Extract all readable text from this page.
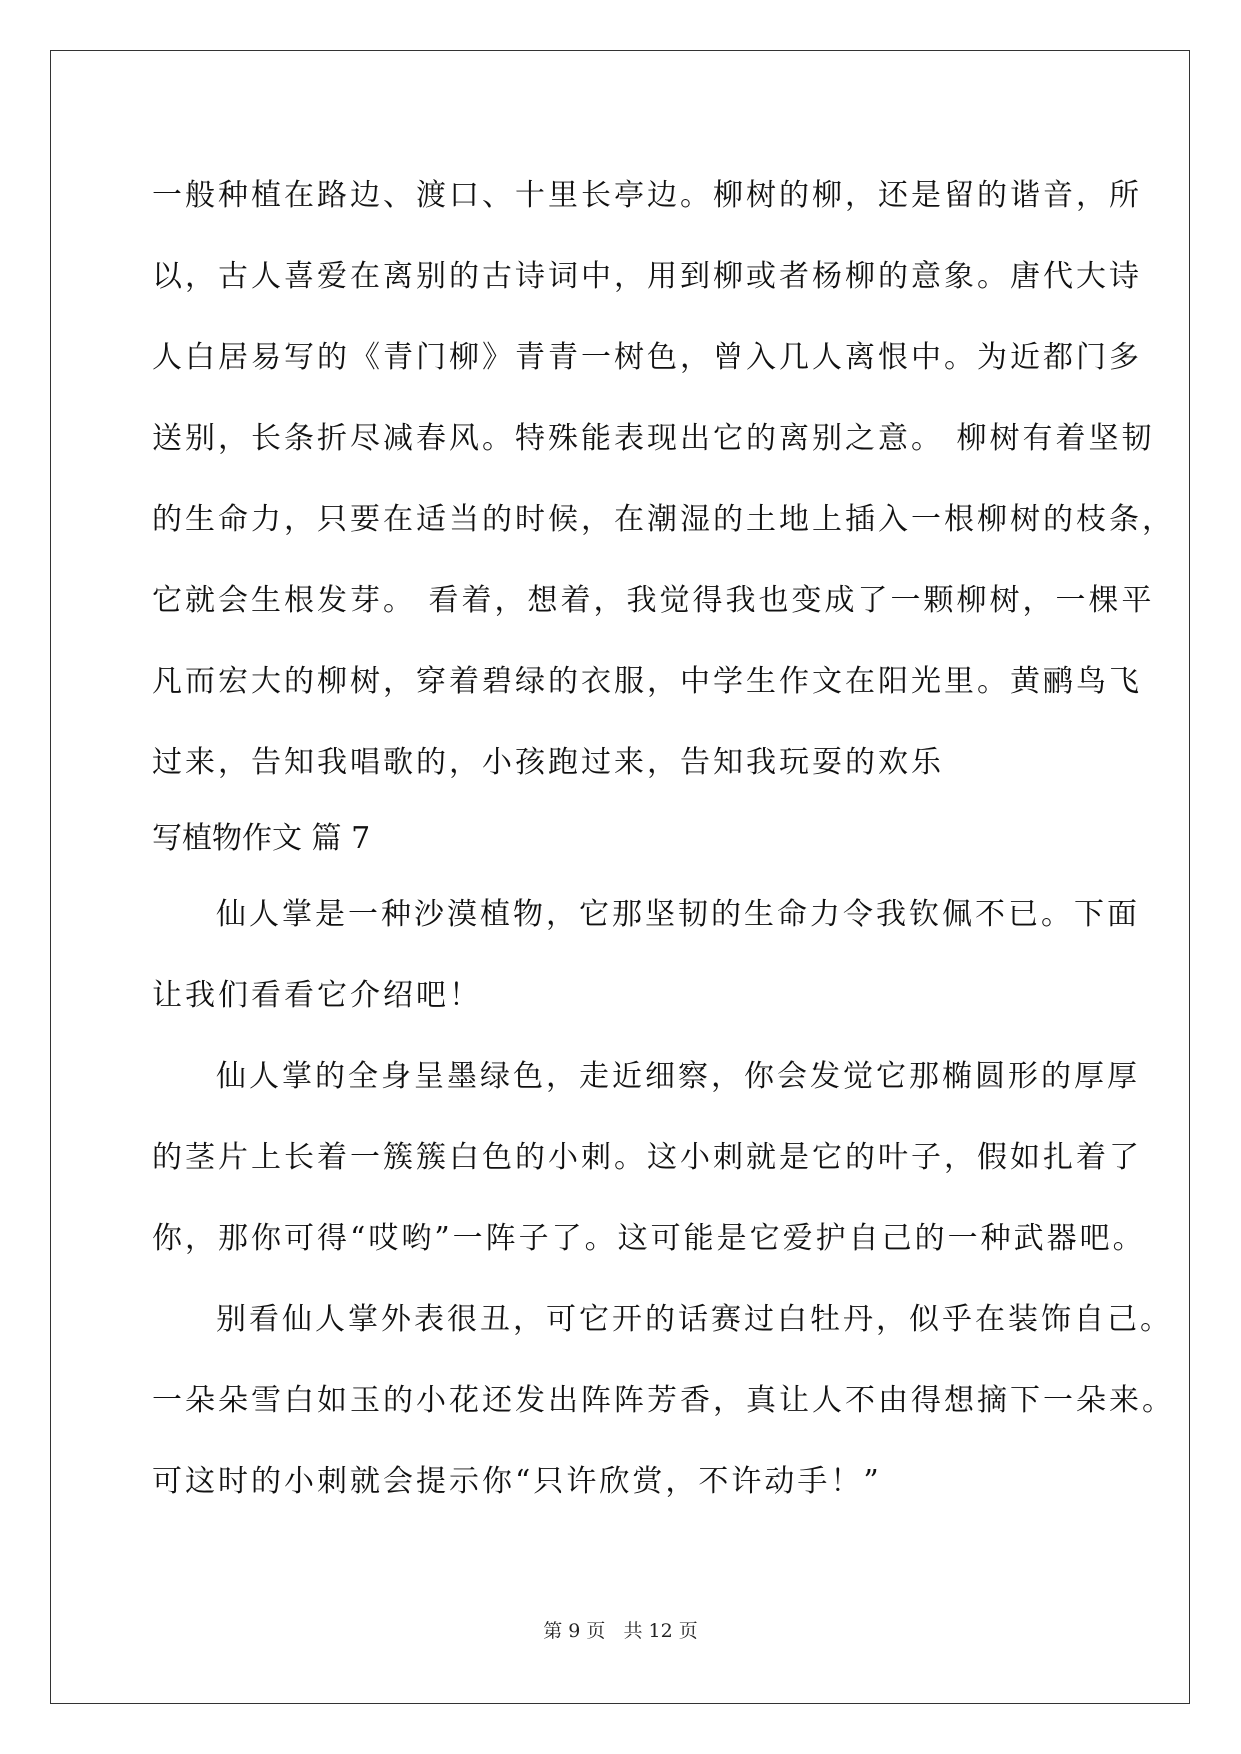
一般种植在路边、渡口、十里长亭边。柳树的柳，还是留的谐音，所
以，古人喜爱在离别的古诗词中，用到柳或者杨柳的意象。唐代大诗
人白居易写的《青门柳》青青一树色，曾入几人离恨中。为近都门多
送别，长条折尽减春风。特殊能表现出它的离别之意。 柳树有着坚韧
的生命力，只要在适当的时候，在潮湿的土地上插入一根柳树的枝条，
它就会生根发芽。 看着，想着，我觉得我也变成了一颗柳树，一棵平
凡而宏大的柳树，穿着碧绿的衣服，中学生作文在阳光里。黄鹂鸟飞
过来，告知我唱歌的，小孩跑过来，告知我玩耍的欢乐
写植物作文 篇 7
仙人掌是一种沙漠植物，它那坚韧的生命力令我钦佩不已。下面
让我们看看它介绍吧！
仙人掌的全身呈墨绿色，走近细察，你会发觉它那椭圆形的厚厚
的茎片上长着一簇簇白色的小刺。这小刺就是它的叶子，假如扎着了
你，那你可得“哎哟”一阵子了。这可能是它爱护自己的一种武器吧。
别看仙人掌外表很丑，可它开的话赛过白牡丹，似乎在装饰自己。
一朵朵雪白如玉的小花还发出阵阵芳香，真让人不由得想摘下一朵来。
可这时的小刺就会提示你“只许欣赏，不许动手！”
第 9 页 共 12 页
